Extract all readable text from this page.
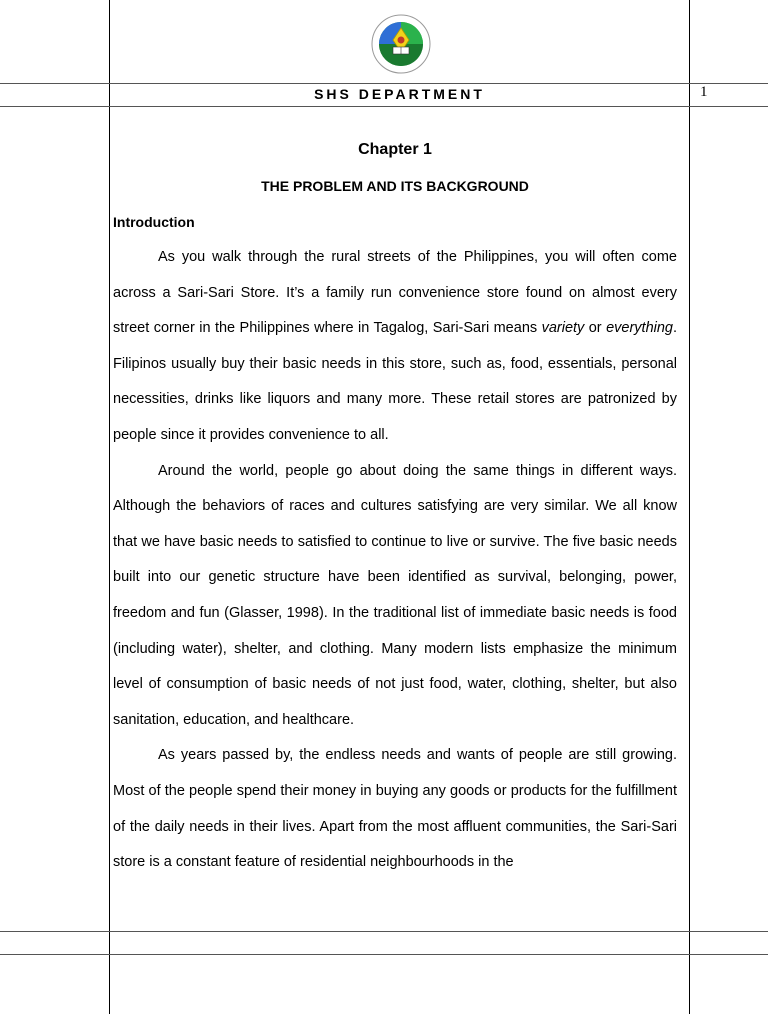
SHS DEPARTMENT	1

Chapter 1

THE PROBLEM AND ITS BACKGROUND

Introduction

As you walk through the rural streets of the Philippines, you will often come across a Sari-Sari Store. It’s a family run convenience store found on almost every street corner in the Philippines where in Tagalog, Sari-Sari means variety or everything. Filipinos usually buy their basic needs in this store, such as, food, essentials, personal necessities, drinks like liquors and many more. These retail stores are patronized by people since it provides convenience to all.

Around the world, people go about doing the same things in different ways. Although the behaviors of races and cultures satisfying are very similar. We all know that we have basic needs to satisfied to continue to live or survive. The five basic needs built into our genetic structure have been identified as survival, belonging, power, freedom and fun (Glasser, 1998). In the traditional list of immediate basic needs is food (including water), shelter, and clothing. Many modern lists emphasize the minimum level of consumption of basic needs of not just food, water, clothing, shelter, but also sanitation, education, and healthcare.

As years passed by, the endless needs and wants of people are still growing. Most of the people spend their money in buying any goods or products for the fulfillment of the daily needs in their lives. Apart from the most affluent communities, the Sari-Sari store is a constant feature of residential neighbourhoods in the
